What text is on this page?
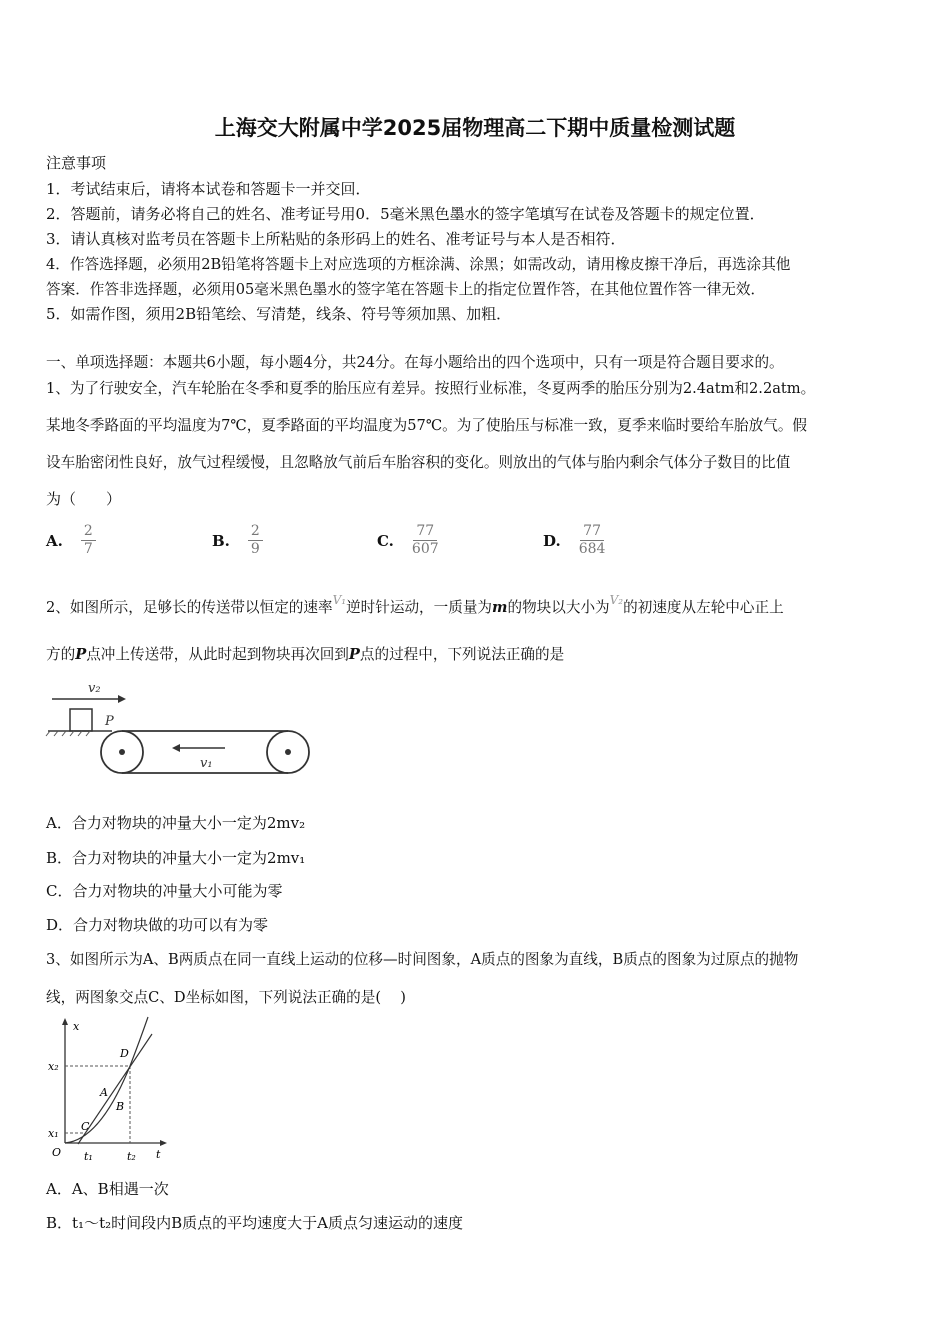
上海交大附属中学2025届物理高二下期中质量检测试题
注意事项
1．考试结束后，请将本试卷和答题卡一并交回．
2．答题前，请务必将自己的姓名、准考证号用0．5毫米黑色墨水的签字笔填写在试卷及答题卡的规定位置．
3．请认真核对监考员在答题卡上所粘贴的条形码上的姓名、准考证号与本人是否相符．
4．作答选择题，必须用2B铅笔将答题卡上对应选项的方框涂满、涂黑；如需改动，请用橡皮擦干净后，再选涂其他
答案．作答非选择题，必须用05毫米黑色墨水的签字笔在答题卡上的指定位置作答，在其他位置作答一律无效．
5．如需作图，须用2B铅笔绘、写清楚，线条、符号等须加黑、加粗．
一、单项选择题：本题共6小题，每小题4分，共24分。在每小题给出的四个选项中，只有一项是符合题目要求的。
1、为了行驶安全，汽车轮胎在冬季和夏季的胎压应有差异。按照行业标准，冬夏两季的胎压分别为2.4atm和2.2atm。
某地冬季路面的平均温度为7℃，夏季路面的平均温度为57℃。为了使胎压与标准一致，夏季来临时要给车胎放气。假
设车胎密闭性良好，放气过程缓慢，且忽略放气前后车胎容积的变化。则放出的气体与胎内剩余气体分子数目的比值
为（　　）
A. $\frac{2}{7}$	B. $\frac{2}{9}$	C. $\frac{77}{607}$	D. $\frac{77}{684}$
2、如图所示，足够长的传送带以恒定的速率$^{V_1}$逆时针运动，一质量为m的物块以大小为$^{V_2}$的初速度从左轮中心正上
方的P点冲上传送带，从此时起到物块再次回到P点的过程中，下列说法正确的是
v₂
P
v₁
A．合力对物块的冲量大小一定为2mv₂
B．合力对物块的冲量大小一定为2mv₁
C．合力对物块的冲量大小可能为零
D．合力对物块做的功可以有为零
3、如图所示为A、B两质点在同一直线上运动的位移—时间图象，A质点的图象为直线，B质点的图象为过原点的抛物
线，两图象交点C、D坐标如图，下列说法正确的是(　 )
x
t
O
x₁
x₂
t₁	t₂
A
B
C
D
A．A、B相遇一次
B．t₁～t₂时间段内B质点的平均速度大于A质点匀速运动的速度
